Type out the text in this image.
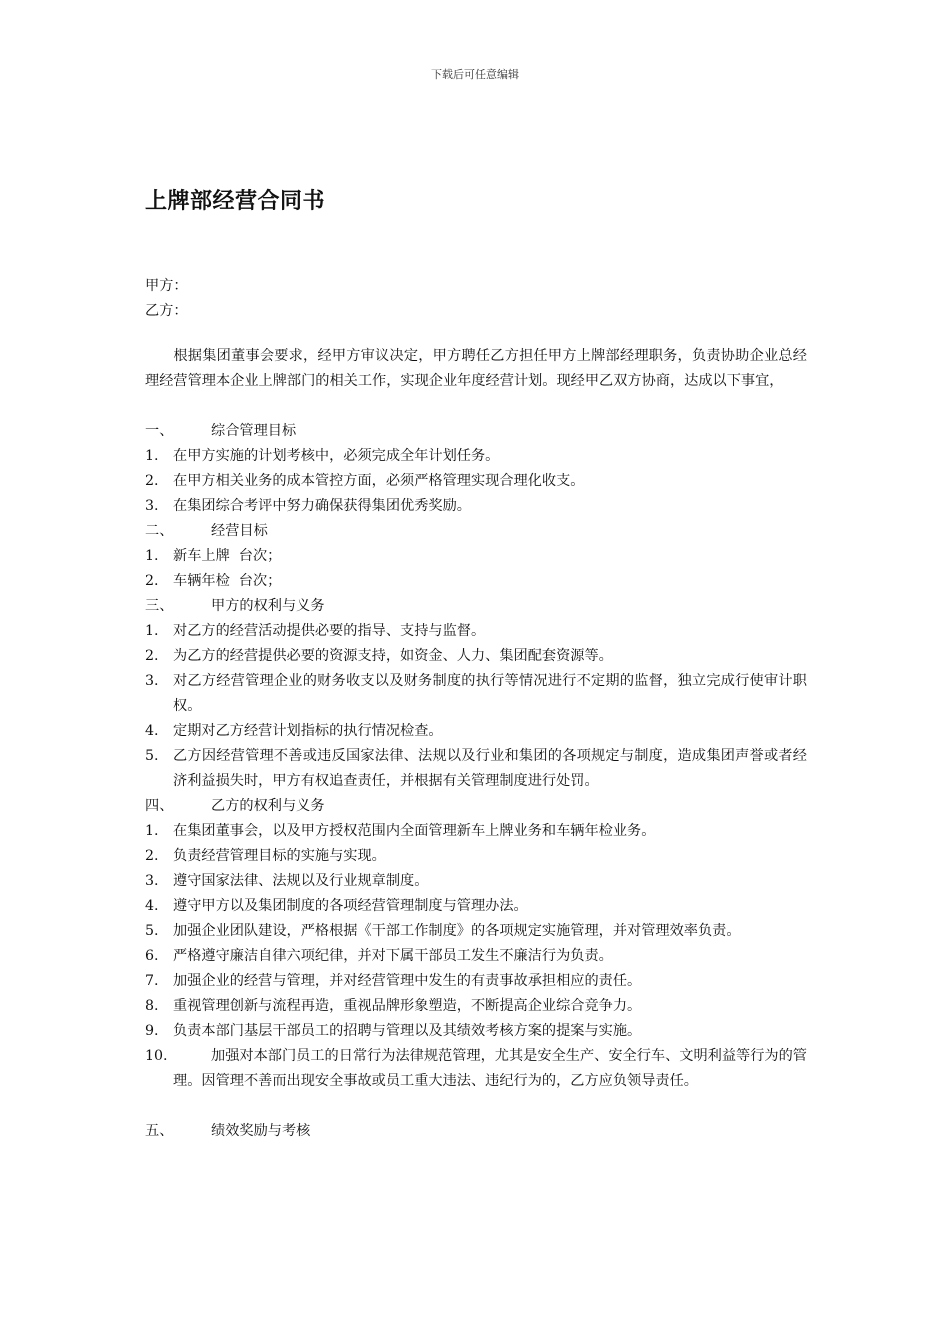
下载后可任意编辑
上牌部经营合同书
甲方：
乙方：

根据集团董事会要求，经甲方审议决定，甲方聘任乙方担任甲方上牌部经理职务，负责协助企业总经理经营管理本企业上牌部门的相关工作，实现企业年度经营计划。现经甲乙双方协商，达成以下事宜，

一、	综合管理目标
1.	在甲方实施的计划考核中，必须完成全年计划任务。
2.	在甲方相关业务的成本管控方面，必须严格管理实现合理化收支。
3.	在集团综合考评中努力确保获得集团优秀奖励。
二、	经营目标
1.	新车上牌  台次；
2.	车辆年检  台次；
三、	甲方的权利与义务
1.	对乙方的经营活动提供必要的指导、支持与监督。
2.	为乙方的经营提供必要的资源支持，如资金、人力、集团配套资源等。
3.	对乙方经营管理企业的财务收支以及财务制度的执行等情况进行不定期的监督，独立完成行使审计职权。
4.	定期对乙方经营计划指标的执行情况检查。
5.	乙方因经营管理不善或违反国家法律、法规以及行业和集团的各项规定与制度，造成集团声誉或者经济利益损失时，甲方有权追查责任，并根据有关管理制度进行处罚。
四、	乙方的权利与义务
1.	在集团董事会，以及甲方授权范围内全面管理新车上牌业务和车辆年检业务。
2.	负责经营管理目标的实施与实现。
3.	遵守国家法律、法规以及行业规章制度。
4.	遵守甲方以及集团制度的各项经营管理制度与管理办法。
5.	加强企业团队建设，严格根据《干部工作制度》的各项规定实施管理，并对管理效率负责。
6.	严格遵守廉洁自律六项纪律，并对下属干部员工发生不廉洁行为负责。
7.	加强企业的经营与管理，并对经营管理中发生的有责事故承担相应的责任。
8.	重视管理创新与流程再造，重视品牌形象塑造，不断提高企业综合竞争力。
9.	负责本部门基层干部员工的招聘与管理以及其绩效考核方案的提案与实施。
10.	加强对本部门员工的日常行为法律规范管理，尤其是安全生产、安全行车、文明利益等行为的管理。因管理不善而出现安全事故或员工重大违法、违纪行为的，乙方应负领导责任。
五、	绩效奖励与考核
